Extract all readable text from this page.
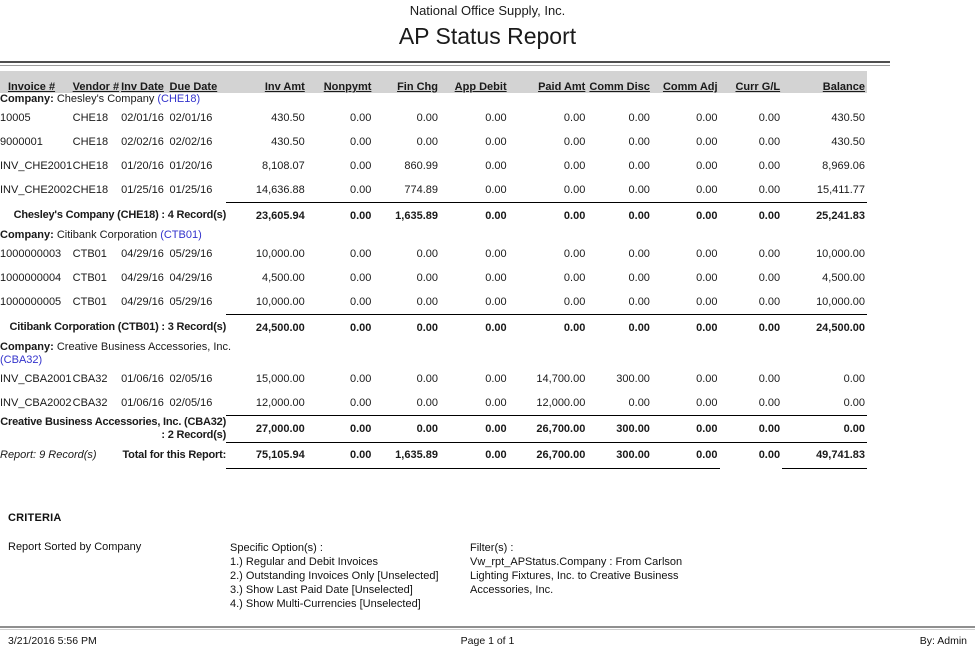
National Office Supply, Inc.
AP Status Report
Invoice #	Vendor #	Inv Date	Due Date	Inv Amt	Nonpymt	Fin Chg	App Debit	Paid Amt	Comm Disc	Comm Adj	Curr G/L	Balance

Company: Chesley's Company (CHE18)												

10005	CHE18	02/01/16	02/01/16	430.50	0.00	0.00	0.00	0.00	0.00	0.00	0.00	430.50
9000001	CHE18	02/02/16	02/02/16	430.50	0.00	0.00	0.00	0.00	0.00	0.00	0.00	430.50
INV_CHE2001	CHE18	01/20/16	01/20/16	8,108.07	0.00	860.99	0.00	0.00	0.00	0.00	0.00	8,969.06
INV_CHE2002	CHE18	01/25/16	01/25/16	14,636.88	0.00	774.89	0.00	0.00	0.00	0.00	0.00	15,411.77
Chesley's Company (CHE18) : 4 Record(s)				23,605.94	0.00	1,635.89	0.00	0.00	0.00	0.00	0.00	25,241.83

Company: Citibank Corporation (CTB01)												

1000000003	CTB01	04/29/16	05/29/16	10,000.00	0.00	0.00	0.00	0.00	0.00	0.00	0.00	10,000.00
1000000004	CTB01	04/29/16	04/29/16	4,500.00	0.00	0.00	0.00	0.00	0.00	0.00	0.00	4,500.00
1000000005	CTB01	04/29/16	05/29/16	10,000.00	0.00	0.00	0.00	0.00	0.00	0.00	0.00	10,000.00
Citibank Corporation (CTB01) : 3 Record(s)				24,500.00	0.00	0.00	0.00	0.00	0.00	0.00	0.00	24,500.00

Company: Creative Business Accessories, Inc. (CBA32)												

INV_CBA2001	CBA32	01/06/16	02/05/16	15,000.00	0.00	0.00	0.00	14,700.00	300.00	0.00	0.00	0.00
INV_CBA2002	CBA32	01/06/16	02/05/16	12,000.00	0.00	0.00	0.00	12,000.00	0.00	0.00	0.00	0.00
Creative Business Accessories, Inc. (CBA32) : 2 Record(s)				27,000.00	0.00	0.00	0.00	26,700.00	300.00	0.00	0.00	0.00
Report: 9 Record(s)	Total for this Report:			75,105.94	0.00	1,635.89	0.00	26,700.00	300.00	0.00	0.00	49,741.83
CRITERIA
Report Sorted by Company	Specific Option(s) :
1.) Regular and Debit Invoices
2.) Outstanding Invoices Only [Unselected]
3.) Show Last Paid Date [Unselected]
4.) Show Multi-Currencies [Unselected]
Filter(s) :
Vw_rpt_APStatus.Company : From Carlson Lighting Fixtures, Inc. to Creative Business Accessories, Inc.
3/21/2016 5:56 PM	Page 1 of 1	By: Admin
